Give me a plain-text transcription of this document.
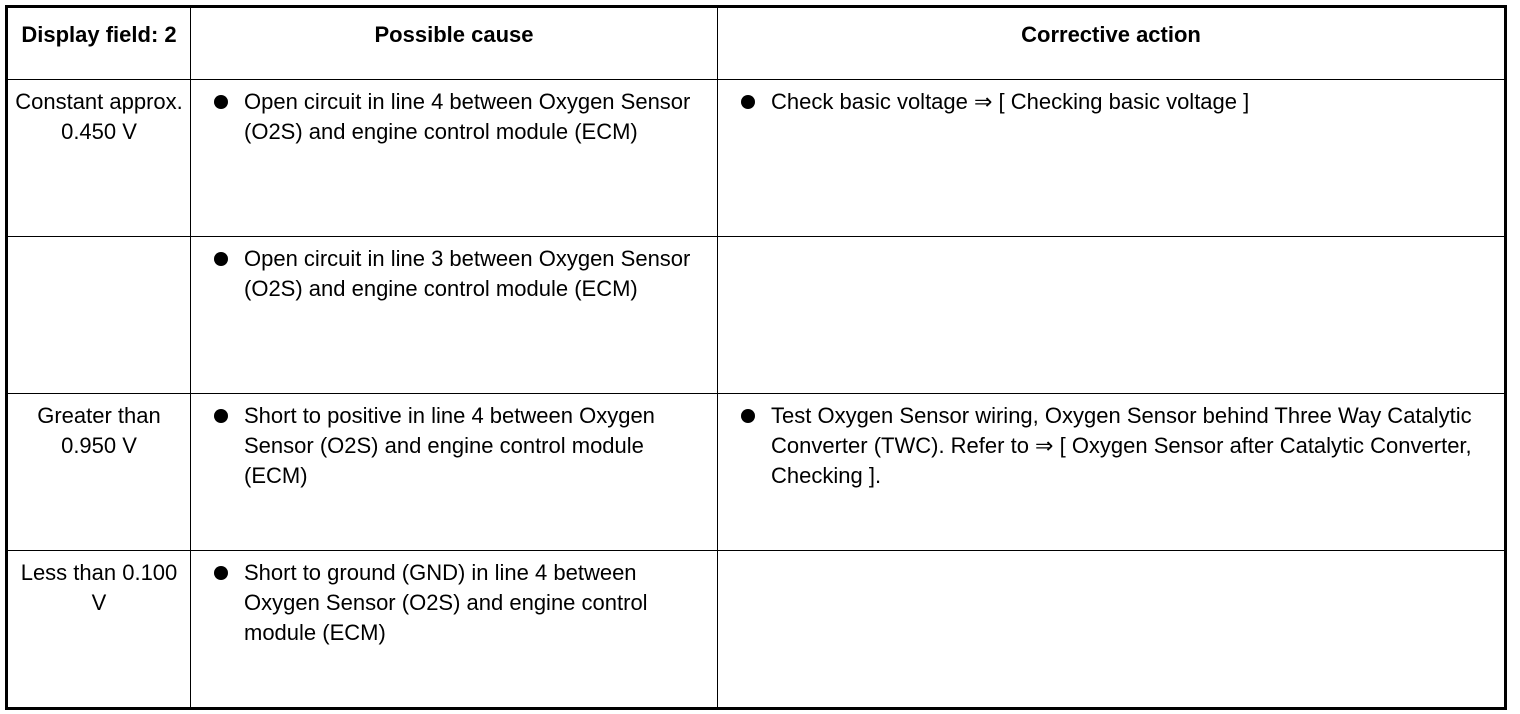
Display field: 2	Possible cause	Corrective action
Constant approx. 0.450 V	Open circuit in line 4 between Oxygen Sensor (O2S) and engine control module (ECM)	Check basic voltage ⇒ [ Checking basic voltage ]

	Open circuit in line 3 between Oxygen Sensor (O2S) and engine control module (ECM)	

Greater than 0.950 V	Short to positive in line 4 between Oxygen Sensor (O2S) and engine control module (ECM)	Test Oxygen Sensor wiring, Oxygen Sensor behind Three Way Catalytic Converter (TWC). Refer to ⇒ [ Oxygen Sensor after Catalytic Converter, Checking ].

Less than 0.100 V	Short to ground (GND) in line 4 between Oxygen Sensor (O2S) and engine control module (ECM)	
